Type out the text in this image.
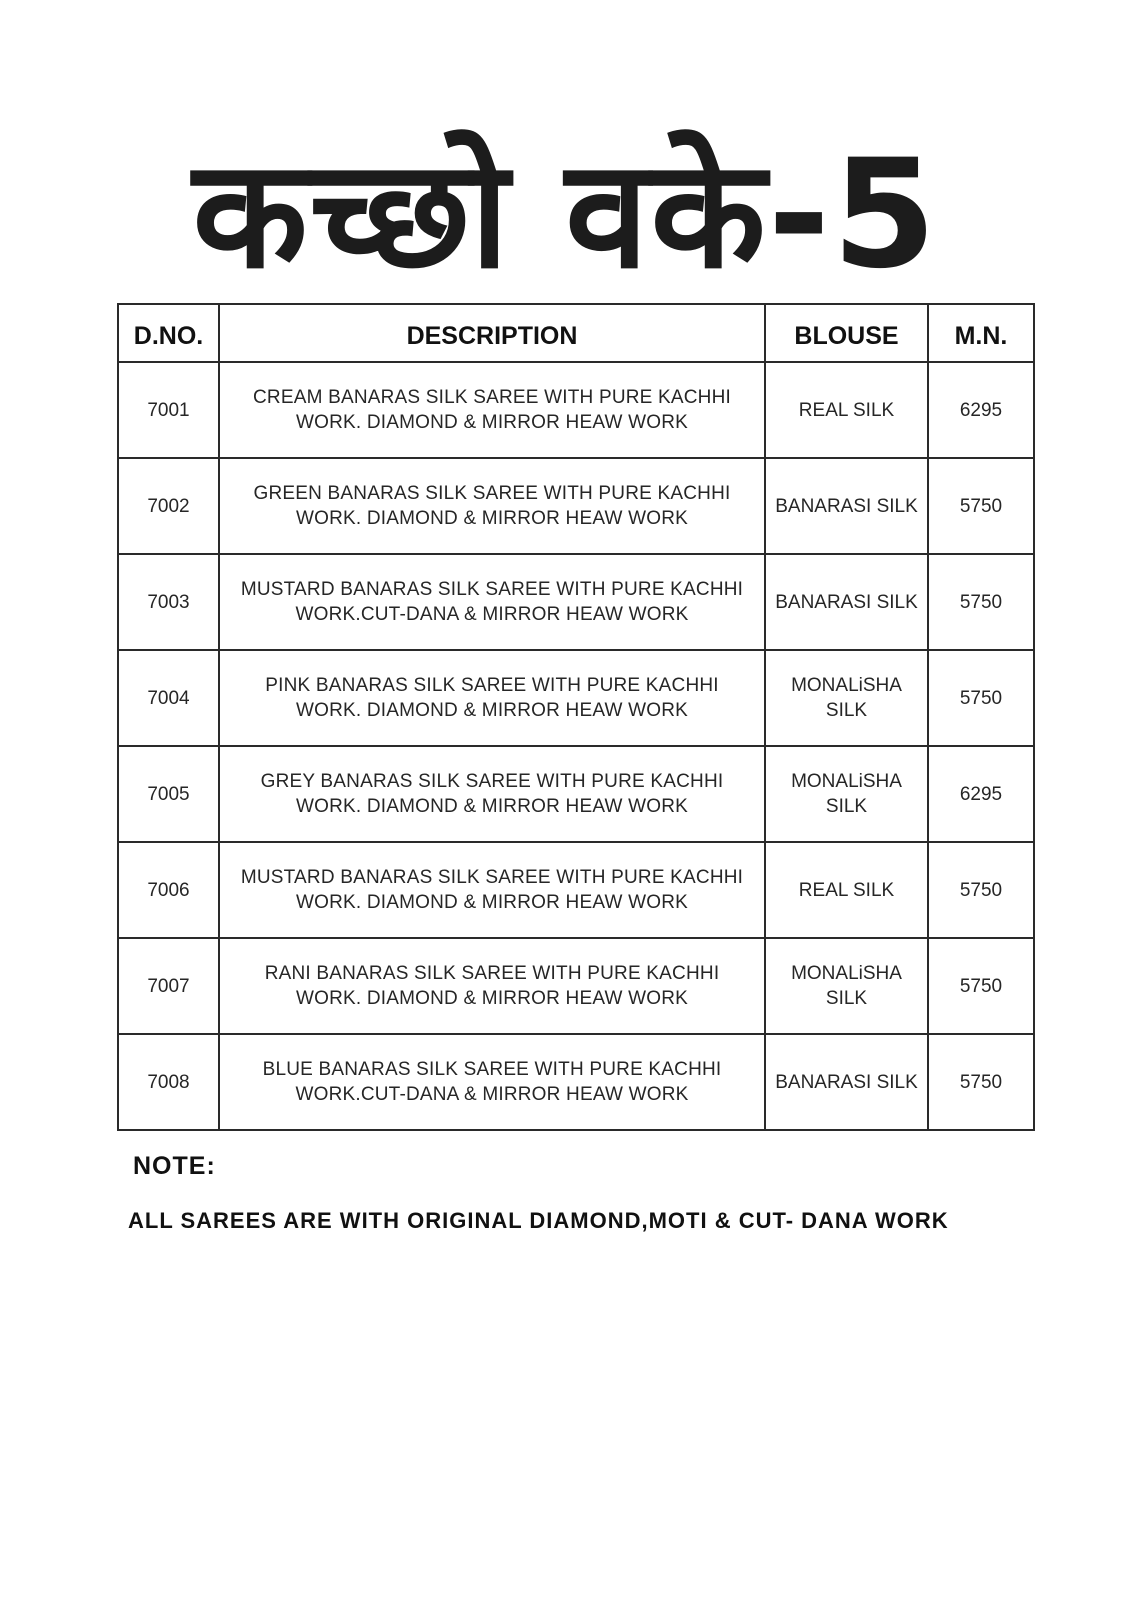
कच्छो वके-5
D.NO.	DESCRIPTION	BLOUSE	M.N.
7001	CREAM BANARAS SILK SAREE WITH PURE KACHHI
WORK. DIAMOND & MIRROR HEAW WORK	REAL SILK	6295
7002	GREEN BANARAS SILK SAREE WITH PURE KACHHI
WORK. DIAMOND & MIRROR HEAW WORK	BANARASI SILK	5750
7003	MUSTARD BANARAS SILK SAREE WITH PURE KACHHI
WORK.CUT-DANA & MIRROR HEAW WORK	BANARASI SILK	5750
7004	PINK BANARAS SILK SAREE WITH PURE KACHHI
WORK. DIAMOND & MIRROR HEAW WORK	MONALiSHA SILK	5750
7005	GREY BANARAS SILK SAREE WITH PURE KACHHI
WORK. DIAMOND & MIRROR HEAW WORK	MONALiSHA SILK	6295
7006	MUSTARD BANARAS SILK SAREE WITH PURE KACHHI
WORK. DIAMOND & MIRROR HEAW WORK	REAL SILK	5750
7007	RANI BANARAS SILK SAREE WITH PURE KACHHI
WORK. DIAMOND & MIRROR HEAW WORK	MONALiSHA SILK	5750
7008	BLUE BANARAS SILK SAREE WITH PURE KACHHI
WORK.CUT-DANA & MIRROR HEAW WORK	BANARASI SILK	5750
NOTE:
ALL SAREES ARE WITH ORIGINAL DIAMOND,MOTI & CUT- DANA WORK
